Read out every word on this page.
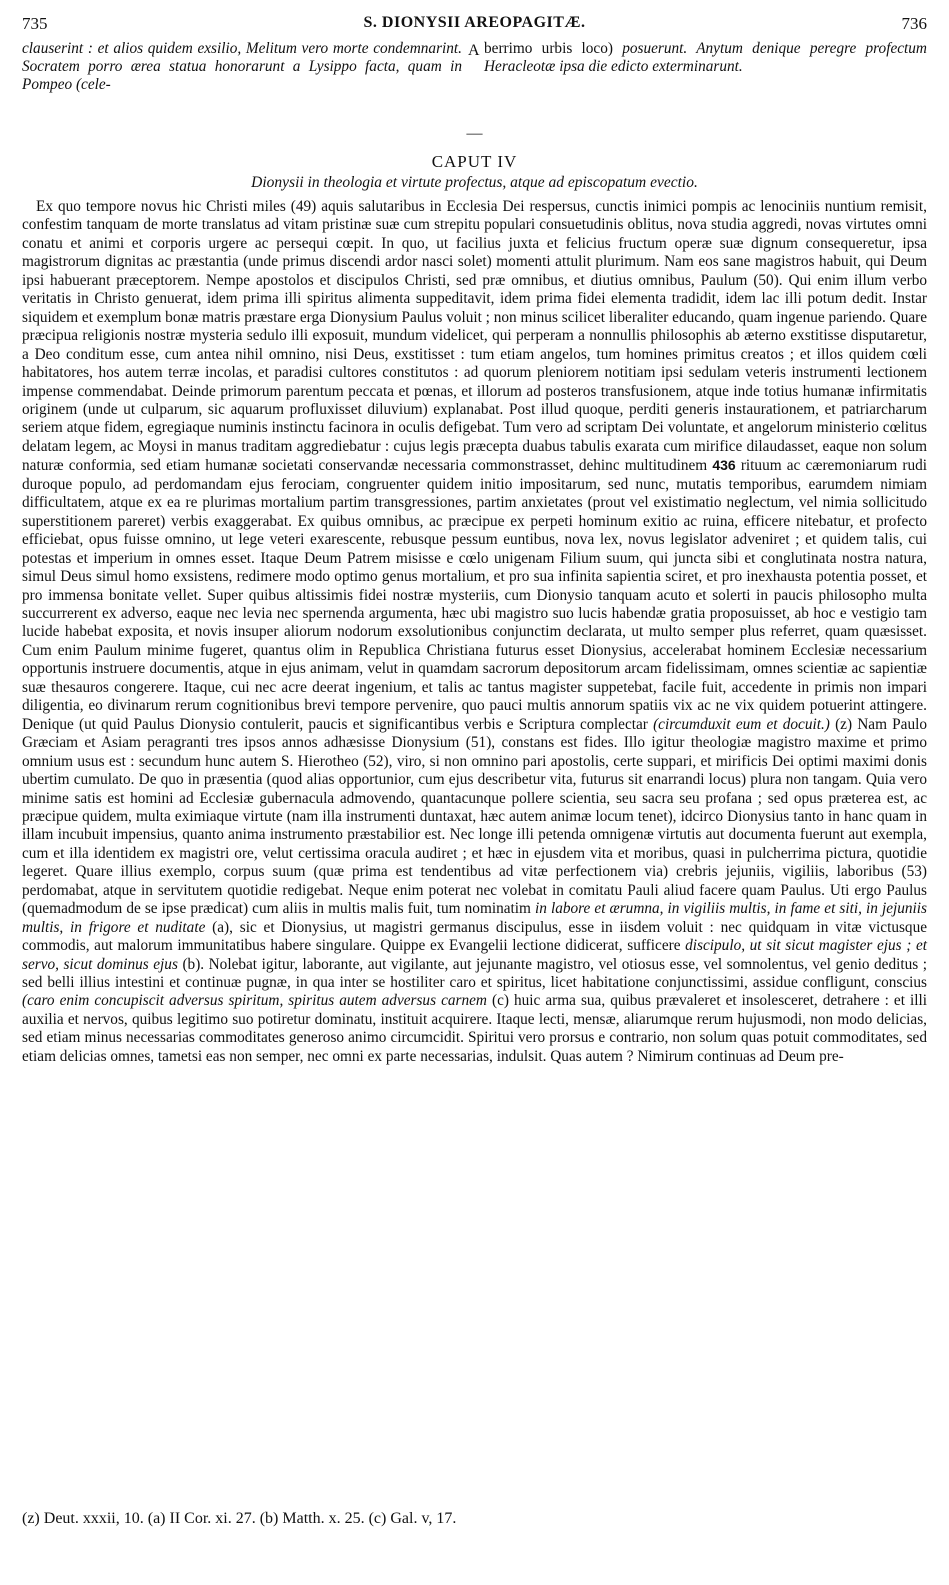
735	S. DIONYSII AREOPAGITÆ.	736
clauserint : et alios quidem exsilio, Melitum vero morte condemnarint. Socratem porro ærea statua honorarunt a Lysippo facta, quam in Pompeo (cele-
A berrimo urbis loco) posuerunt. Anytum denique peregre profectum Heracleotæ ipsa die edicto exterminarunt.
—
CAPUT IV
Dionysii in theologia et virtute profectus, atque ad episcopatum evectio.

Ex quo tempore novus hic Christi miles (49) aquis salutaribus in Ecclesia Dei respersus, cunctis inimici pompis ac lenociniis nuntium remisit, confestim tanquam de morte translatus ad vitam pristinæ suæ cum strepitu populari consuetudinis oblitus, nova studia aggredi, novas virtutes omni conatu et animi et corporis urgere ac persequi cœpit. In quo, ut facilius juxta et felicius fructum operæ suæ dignum consequeretur, ipsa magistrorum dignitas ac præstantia (unde primus discendi ardor nasci solet) momenti attulit plurimum. Nam eos sane magistros habuit, qui Deum ipsi habuerant præceptorem. Nempe apostolos et discipulos Christi, sed præ omnibus, et diutius omnibus, Paulum (50). Qui enim illum verbo veritatis in Christo genuerat, idem prima illi spiritus alimenta suppeditavit, idem prima fidei elementa tradidit, idem lac illi potum dedit. Instar siquidem et exemplum bonæ matris præstare erga Dionysium Paulus voluit ; non minus scilicet liberaliter educando, quam ingenue pariendo. Quare præcipua religionis nostræ mysteria sedulo illi exposuit, mundum videlicet, qui perperam a nonnullis philosophis ab æterno exstitisse disputaretur, a Deo conditum esse, cum antea nihil omnino, nisi Deus, exstitisset : tum etiam angelos, tum homines primitus creatos ; et illos quidem cœli habitatores, hos autem terræ incolas, et paradisi cultores constitutos : ad quorum pleniorem notitiam ipsi sedulam veteris instrumenti lectionem impense commendabat. Deinde primorum parentum peccata et pœnas, et illorum ad posteros transfusionem, atque inde totius humanæ infirmitatis originem (unde ut culparum, sic aquarum profluxisset diluvium) explanabat. Post illud quoque, perditi generis instaurationem, et patriarcharum seriem atque fidem, egregiaque numinis instinctu facinora in oculis defigebat. Tum vero ad scriptam Dei voluntate, et angelorum ministerio cœlitus delatam legem, ac Moysi in manus traditam aggrediebatur : cujus legis præcepta duabus tabulis exarata cum mirifice dilaudasset, eaque non solum naturæ conformia, sed etiam humanæ societati conservandæ necessaria commonstrasset, dehinc multitudinem 436 rituum ac cæremoniarum rudi duroque populo, ad perdomandam ejus ferociam, congruenter quidem initio impositarum, sed nunc, mutatis temporibus, earumdem nimiam difficultatem, atque ex ea re plurimas mortalium partim transgressiones, partim anxietates (prout vel existimatio neglectum, vel nimia sollicitudo superstitionem pareret) verbis exaggerabat. Ex quibus omnibus, ac præcipue ex perpeti hominum exitio ac ruina, efficere nitebatur, et profecto efficiebat, opus fuisse omnino, ut lege veteri exarescente, rebusque pessum euntibus, nova lex, novus legislator adveniret ; et quidem talis, cui potestas et imperium in omnes esset. Itaque Deum Patrem misisse e cœlo unigenam Filium suum, qui juncta sibi et conglutinata nostra natura, simul Deus simul homo exsistens, redimere modo optimo genus mortalium, et pro sua infinita sapientia sciret, et pro inexhausta potentia posset, et pro immensa bonitate vellet. Super quibus altissimis fidei nostræ mysteriis, cum Dionysio tanquam acuto et solerti in paucis philosopho multa succurrerent ex adverso, eaque nec levia nec spernenda argumenta, hæc ubi magistro suo lucis habendæ gratia proposuisset, ab hoc e vestigio tam lucide habebat exposita, et novis insuper aliorum nodorum exsolutionibus conjunctim declarata, ut multo semper plus referret, quam quæsisset. Cum enim Paulum minime fugeret, quantus olim in Republica Christiana futurus esset Dionysius, accelerabat hominem Ecclesiæ necessarium opportunis instruere documentis, atque in ejus animam, velut in quamdam sacrorum depositorum arcam fidelissimam, omnes scientiæ ac sapientiæ suæ thesauros congerere. Itaque, cui nec acre deerat ingenium, et talis ac tantus magister suppetebat, facile fuit, accedente in primis non impari diligentia, eo divinarum rerum cognitionibus brevi tempore pervenire, quo pauci multis annorum spatiis vix ac ne vix quidem potuerint attingere. Denique (ut quid Paulus Dionysio contulerit, paucis et significantibus verbis e Scriptura complectar (circumduxit eum et docuit.) (z) Nam Paulo Græciam et Asiam peragranti tres ipsos annos adhæsisse Dionysium (51), constans est fides. Illo igitur theologiæ magistro maxime et primo omnium usus est : secundum hunc autem S. Hierotheo (52), viro, si non omnino pari apostolis, certe suppari, et mirificis Dei optimi maximi donis ubertim cumulato. De quo in præsentia (quod alias opportunior, cum ejus describetur vita, futurus sit enarrandi locus) plura non tangam. Quia vero minime satis est homini ad Ecclesiæ gubernacula admovendo, quantacunque pollere scientia, seu sacra seu profana ; sed opus præterea est, ac præcipue quidem, multa eximiaque virtute (nam illa instrumenti duntaxat, hæc autem animæ locum tenet), idcirco Dionysius tanto in hanc quam in illam incubuit impensius, quanto anima instrumento præstabilior est. Nec longe illi petenda omnigenæ virtutis aut documenta fuerunt aut exempla, cum et illa identidem ex magistri ore, velut certissima oracula audiret ; et hæc in ejusdem vita et moribus, quasi in pulcherrima pictura, quotidie legeret. Quare illius exemplo, corpus suum (quæ prima est tendentibus ad vitæ perfectionem via) crebris jejuniis, vigiliis, laboribus (53) perdomabat, atque in servitutem quotidie redigebat. Neque enim poterat nec volebat in comitatu Pauli aliud facere quam Paulus. Uti ergo Paulus (quemadmodum de se ipse prædicat) cum aliis in multis malis fuit, tum nominatim in labore et ærumna, in vigiliis multis, in fame et siti, in jejuniis multis, in frigore et nuditate (a), sic et Dionysius, ut magistri germanus discipulus, esse in iisdem voluit : nec quidquam in vitæ victusque commodis, aut malorum immunitatibus habere singulare. Quippe ex Evangelii lectione didicerat, sufficere discipulo, ut sit sicut magister ejus ; et servo, sicut dominus ejus (b). Nolebat igitur, laborante, aut vigilante, aut jejunante magistro, vel otiosus esse, vel somnolentus, vel genio deditus ; sed belli illius intestini et continuæ pugnæ, in qua inter se hostiliter caro et spiritus, licet habitatione conjunctissimi, assidue confligunt, conscius (caro enim concupiscit adversus spiritum, spiritus autem adversus carnem (c) huic arma sua, quibus prævaleret et insolesceret, detrahere : et illi auxilia et nervos, quibus legitimo suo potiretur dominatu, instituit acquirere. Itaque lecti, mensæ, aliarumque rerum hujusmodi, non modo delicias, sed etiam minus necessarias commoditates generoso animo circumcidit. Spiritui vero prorsus e contrario, non solum quas potuit commoditates, sed etiam delicias omnes, tametsi eas non semper, nec omni ex parte necessarias, indulsit. Quas autem ? Nimirum continuas ad Deum pre-

(z) Deut. xxxii, 10. (a) II Cor. xi. 27. (b) Matth. x. 25. (c) Gal. v, 17.
